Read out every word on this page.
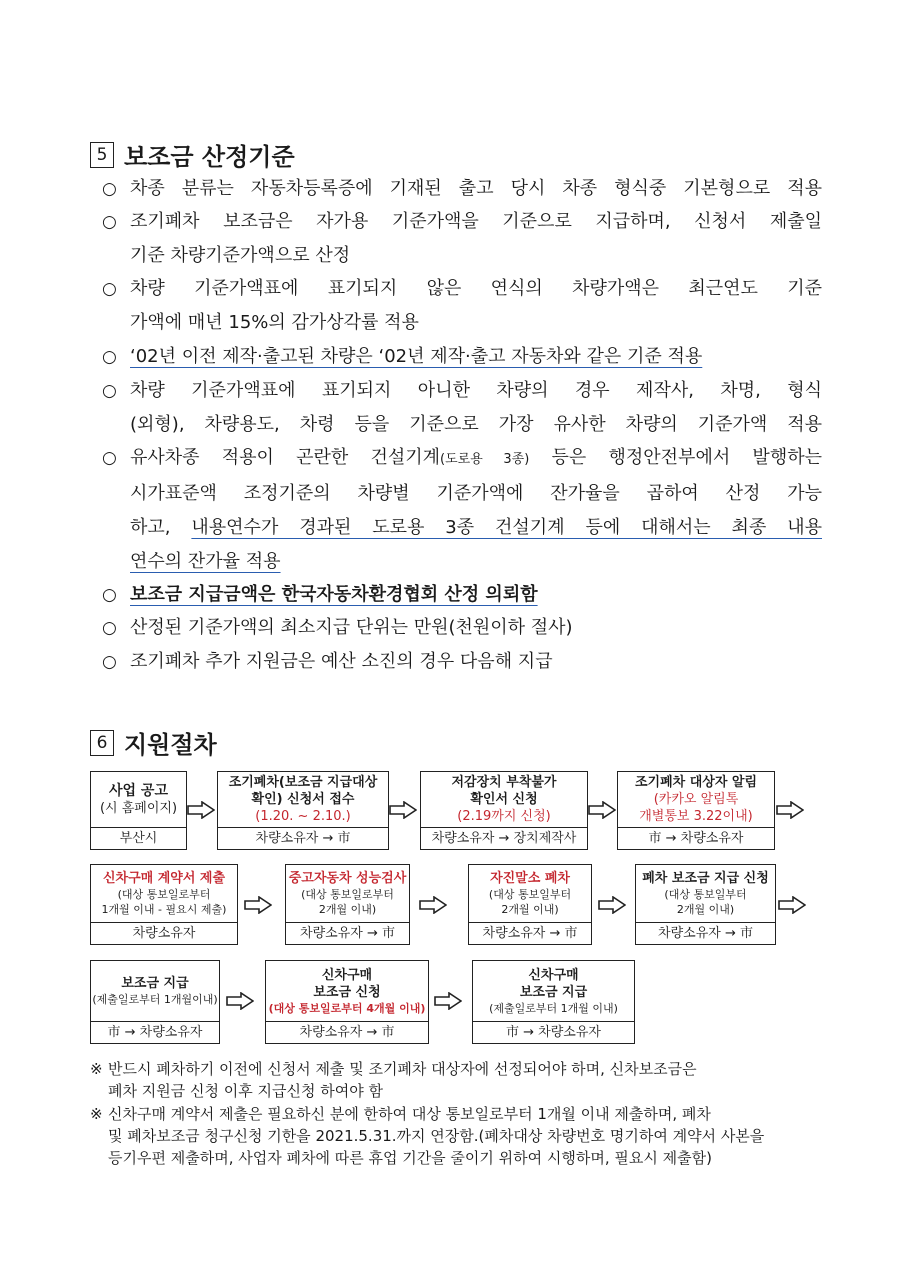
5 보조금 산정기준
○ 차종 분류는 자동차등록증에 기재된 출고 당시 차종 형식중 기본형으로 적용
○ 조기폐차 보조금은 자가용 기준가액을 기준으로 지급하며, 신청서 제출일
기준 차량기준가액으로 산정
○ 차량 기준가액표에 표기되지 않은 연식의 차량가액은 최근연도 기준
가액에 매년 15%의 감가상각률 적용
○ ‘02년 이전 제작·출고된 차량은 ‘02년 제작·출고 자동차와 같은 기준 적용
○ 차량 기준가액표에 표기되지 아니한 차량의 경우 제작사, 차명, 형식
(외형), 차량용도, 차령 등을 기준으로 가장 유사한 차량의 기준가액 적용
○ 유사차종 적용이 곤란한 건설기계(도로용 3종) 등은 행정안전부에서 발행하는
시가표준액 조정기준의 차량별 기준가액에 잔가율을 곱하여 산정 가능
하고, 내용연수가 경과된 도로용 3종 건설기계 등에 대해서는 최종 내용
연수의 잔가율 적용
○ 보조금 지급금액은 한국자동차환경협회 산정 의뢰함
○ 산정된 기준가액의 최소지급 단위는 만원(천원이하 절사)
○ 조기폐차 추가 지원금은 예산 소진의 경우 다음해 지급
6 지원절차
사업 공고
(시 홈페이지)
부산시
조기폐차(보조금 지급대상
확인) 신청서 접수
(1.20. ~ 2.10.)
차량소유자 → 市
저감장치 부착불가
확인서 신청
(2.19까지 신청)
차량소유자 → 장치제작사
조기폐차 대상자 알림
(카카오 알림톡
개별통보 3.22이내)
市 → 차량소유자
신차구매 계약서 제출
(대상 통보일로부터
1개월 이내 - 필요시 제출)
차량소유자
중고자동차 성능검사
(대상 통보일로부터
2개월 이내)
차량소유자 → 市
자진말소 폐차
(대상 통보일부터
2개월 이내)
차량소유자 → 市
폐차 보조금 지급 신청
(대상 통보일부터
2개월 이내)
차량소유자 → 市
보조금 지급
(제출일로부터 1개월이내)
市 → 차량소유자
신차구매
보조금 신청
(대상 통보일로부터 4개월 이내)
차량소유자 → 市
신차구매
보조금 지급
(제출일로부터 1개월 이내)
市 → 차량소유자
※ 반드시 폐차하기 이전에 신청서 제출 및 조기폐차 대상자에 선정되어야 하며, 신차보조금은
폐차 지원금 신청 이후 지급신청 하여야 함
※ 신차구매 계약서 제출은 필요하신 분에 한하여 대상 통보일로부터 1개월 이내 제출하며, 폐차
및 폐차보조금 청구신청 기한을 2021.5.31.까지 연장함.(폐차대상 차량번호 명기하여 계약서 사본을
등기우편 제출하며, 사업자 폐차에 따른 휴업 기간을 줄이기 위하여 시행하며, 필요시 제출함)
